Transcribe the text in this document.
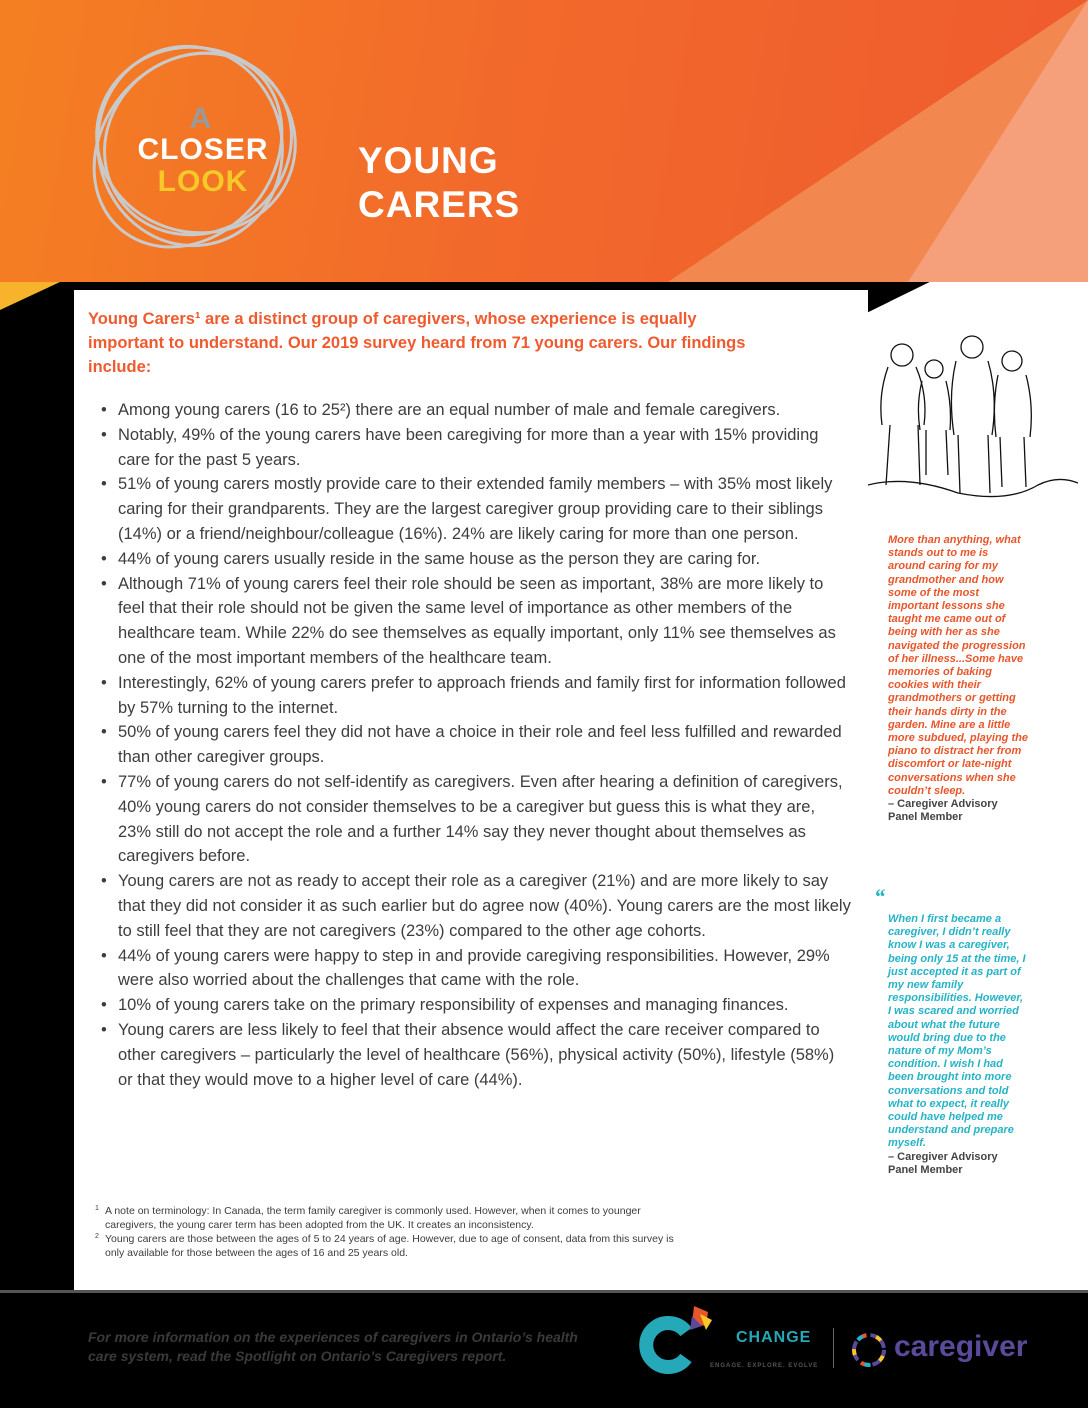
A
CLOSER
LOOK
YOUNG
CARERS
Young Carers¹ are a distinct group of caregivers, whose experience is equally important to understand. Our 2019 survey heard from 71 young carers. Our findings include:
• Among young carers (16 to 25²) there are an equal number of male and female caregivers.
• Notably, 49% of the young carers have been caregiving for more than a year with 15% providing care for the past 5 years.
• 51% of young carers mostly provide care to their extended family members – with 35% most likely caring for their grandparents. They are the largest caregiver group providing care to their siblings (14%) or a friend/neighbour/colleague (16%). 24% are likely caring for more than one person.
• 44% of young carers usually reside in the same house as the person they are caring for.
• Although 71% of young carers feel their role should be seen as important, 38% are more likely to feel that their role should not be given the same level of importance as other members of the healthcare team. While 22% do see themselves as equally important, only 11% see themselves as one of the most important members of the healthcare team.
• Interestingly, 62% of young carers prefer to approach friends and family first for information followed by 57% turning to the internet.
• 50% of young carers feel they did not have a choice in their role and feel less fulfilled and rewarded than other caregiver groups.
• 77% of young carers do not self-identify as caregivers. Even after hearing a definition of caregivers, 40% young carers do not consider themselves to be a caregiver but guess this is what they are, 23% still do not accept the role and a further 14% say they never thought about themselves as caregivers before.
• Young carers are not as ready to accept their role as a caregiver (21%) and are more likely to say that they did not consider it as such earlier but do agree now (40%). Young carers are the most likely to still feel that they are not caregivers (23%) compared to the other age cohorts.
• 44% of young carers were happy to step in and provide caregiving responsibilities. However, 29% were also worried about the challenges that came with the role.
• 10% of young carers take on the primary responsibility of expenses and managing finances.
• Young carers are less likely to feel that their absence would affect the care receiver compared to other caregivers – particularly the level of healthcare (56%), physical activity (50%), lifestyle (58%) or that they would move to a higher level of care (44%).
1 A note on terminology: In Canada, the term family caregiver is commonly used. However, when it comes to younger caregivers, the young carer term has been adopted from the UK. It creates an inconsistency.
2 Young carers are those between the ages of 5 to 24 years of age. However, due to age of consent, data from this survey is only available for those between the ages of 16 and 25 years old.
More than anything, what stands out to me is around caring for my grandmother and how some of the most important lessons she taught me came out of being with her as she navigated the progression of her illness...Some have memories of baking cookies with their grandmothers or getting their hands dirty in the garden. Mine are a little more subdued, playing the piano to distract her from discomfort or late-night conversations when she couldn’t sleep.
– Caregiver Advisory Panel Member
“
When I first became a caregiver, I didn’t really know I was a caregiver, being only 15 at the time, I just accepted it as part of my new family responsibilities. However, I was scared and worried about what the future would bring due to the nature of my Mom’s condition. I wish I had been brought into more conversations and told what to expect, it really could have helped me understand and prepare myself.
– Caregiver Advisory Panel Member
For more information on the experiences of caregivers in Ontario’s health care system, read the Spotlight on Ontario’s Caregivers report.
CHANGE
ENGAGE. EXPLORE. EVOLVE
caregiver
